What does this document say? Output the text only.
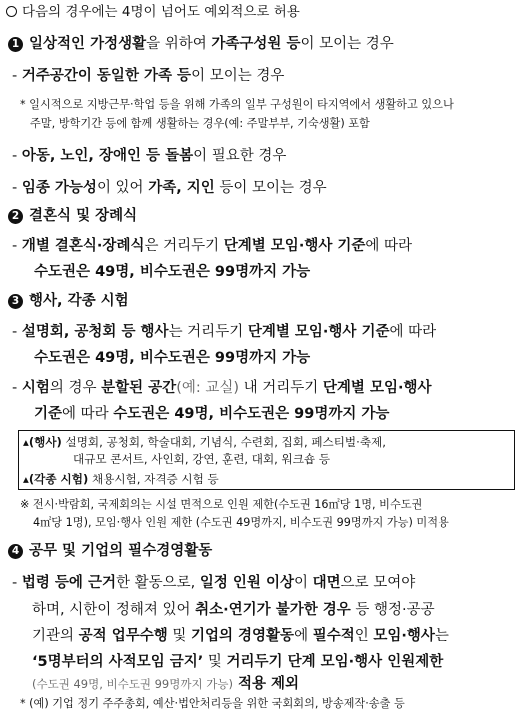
다음의 경우에는 4명이 넘어도 예외적으로 허용
1 일상적인 가정생활을 위하여 가족구성원 등이 모이는 경우
- 거주공간이 동일한 가족 등이 모이는 경우
* 일시적으로 지방근무·학업 등을 위해 가족의 일부 구성원이 타지역에서 생활하고 있으나
주말, 방학기간 등에 함께 생활하는 경우(예: 주말부부, 기숙생활) 포함
- 아동, 노인, 장애인 등 돌봄이 필요한 경우
- 임종 가능성이 있어 가족, 지인 등이 모이는 경우
2 결혼식 및 장례식
- 개별 결혼식·장례식은 거리두기 단계별 모임·행사 기준에 따라
수도권은 49명, 비수도권은 99명까지 가능
3 행사, 각종 시험
- 설명회, 공청회 등 행사는 거리두기 단계별 모임·행사 기준에 따라
수도권은 49명, 비수도권은 99명까지 가능
- 시험의 경우 분할된 공간(예: 교실) 내 거리두기 단계별 모임·행사
기준에 따라 수도권은 49명, 비수도권은 99명까지 가능
▴(행사) 설명회, 공청회, 학술대회, 기념식, 수련회, 집회, 페스티벌·축제,
대규모 콘서트, 사인회, 강연, 훈련, 대회, 워크숍 등
▴(각종 시험) 채용시험, 자격증 시험 등
※ 전시·박람회, 국제회의는 시설 면적으로 인원 제한(수도권 16㎡당 1명, 비수도권
4㎡당 1명), 모임·행사 인원 제한 (수도권 49명까지, 비수도권 99명까지 가능) 미적용
4 공무 및 기업의 필수경영활동
- 법령 등에 근거한 활동으로, 일정 인원 이상이 대면으로 모여야
하며, 시한이 정해져 있어 취소·연기가 불가한 경우 등 행정·공공
기관의 공적 업무수행 및 기업의 경영활동에 필수적인 모임·행사는
‘5명부터의 사적모임 금지’ 및 거리두기 단계 모임·행사 인원제한
(수도권 49명, 비수도권 99명까지 가능) 적용 제외
* (예) 기업 정기 주주총회, 예산·법안처리등을 위한 국회회의, 방송제작·송출 등
